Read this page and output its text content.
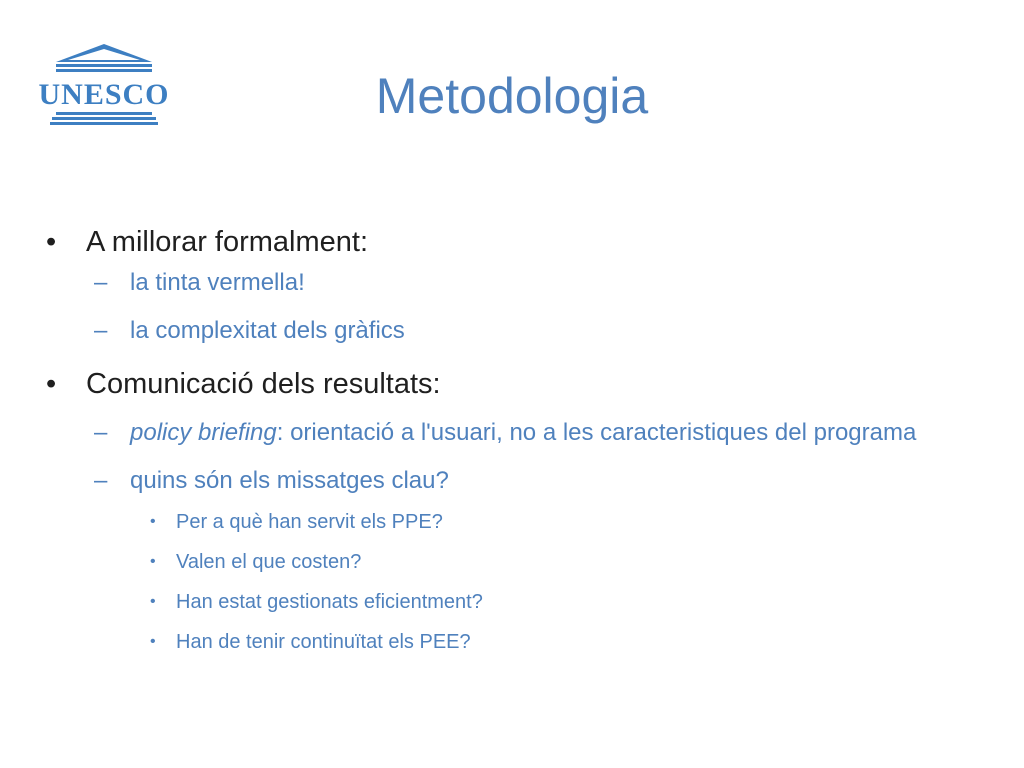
UNESCO	Metodologia
• A millorar formalment:
– la tinta vermella!
– la complexitat dels gràfics
• Comunicació dels resultats:
– policy briefing: orientació a l'usuari, no a les caracteristiques del programa
– quins són els missatges clau?
• Per a què han servit els PPE?
• Valen el que costen?
• Han estat gestionats eficientment?
• Han de tenir continuïtat els PEE?
